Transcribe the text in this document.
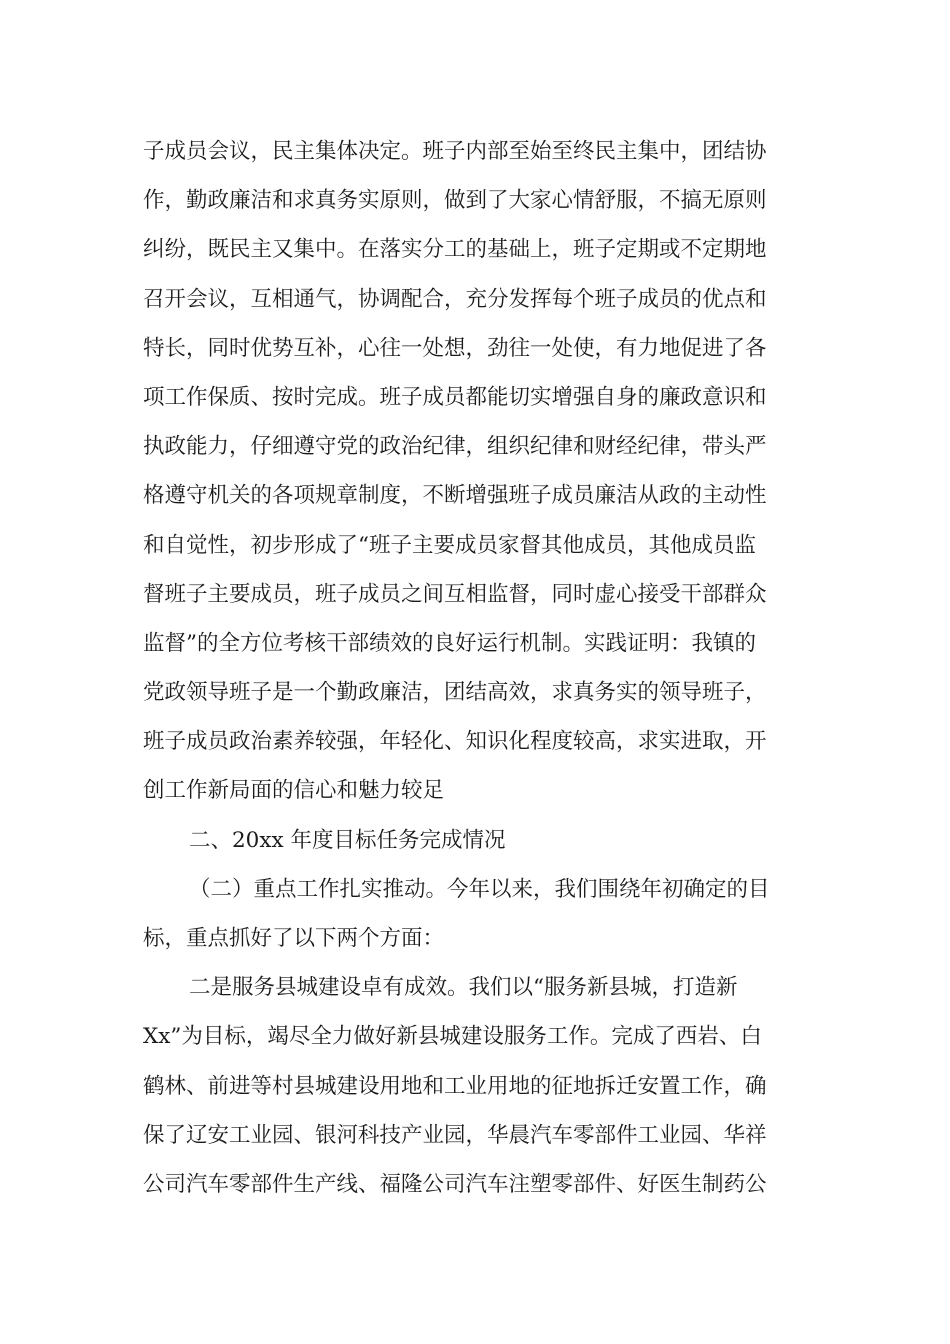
子成员会议，民主集体决定。班子内部至始至终民主集中，团结协
作，勤政廉洁和求真务实原则，做到了大家心情舒服，不搞无原则
纠纷，既民主又集中。在落实分工的基础上，班子定期或不定期地
召开会议，互相通气，协调配合，充分发挥每个班子成员的优点和
特长，同时优势互补，心往一处想，劲往一处使，有力地促进了各
项工作保质、按时完成。班子成员都能切实增强自身的廉政意识和
执政能力，仔细遵守党的政治纪律，组织纪律和财经纪律，带头严
格遵守机关的各项规章制度，不断增强班子成员廉洁从政的主动性
和自觉性，初步形成了“班子主要成员家督其他成员，其他成员监
督班子主要成员，班子成员之间互相监督，同时虚心接受干部群众
监督”的全方位考核干部绩效的良好运行机制。实践证明：我镇的
党政领导班子是一个勤政廉洁，团结高效，求真务实的领导班子，
班子成员政治素养较强，年轻化、知识化程度较高，求实进取，开
创工作新局面的信心和魅力较足
二、20xx 年度目标任务完成情况
（二）重点工作扎实推动。今年以来，我们围绕年初确定的目
标，重点抓好了以下两个方面：
二是服务县城建设卓有成效。我们以“服务新县城，打造新
Xx”为目标，竭尽全力做好新县城建设服务工作。完成了西岩、白
鹤林、前进等村县城建设用地和工业用地的征地拆迁安置工作，确
保了辽安工业园、银河科技产业园，华晨汽车零部件工业园、华祥
公司汽车零部件生产线、福隆公司汽车注塑零部件、好医生制药公
